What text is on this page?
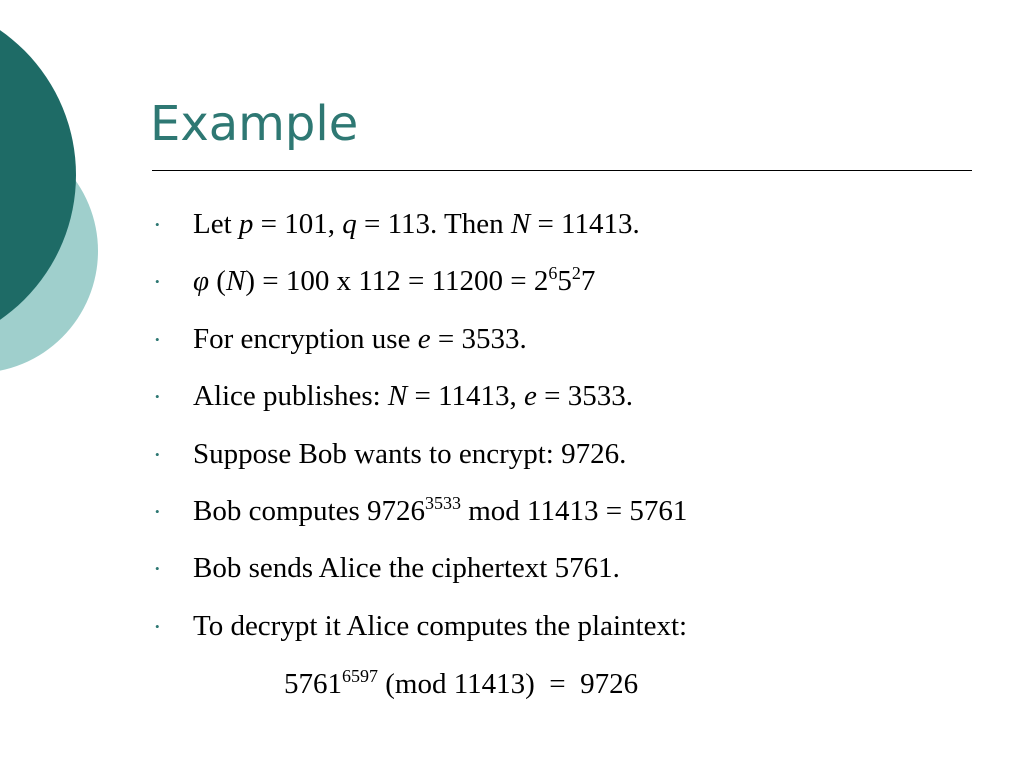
Example
• Let p = 101, q = 113. Then N = 11413.
• φ (N) = 100 x $112 = 11200 = 2^65^27$
• For encryption use e = 3533.
• Alice publishes: N = 11413, e = 3533.
• Suppose Bob wants to encrypt: 9726.
• Bob computes $9726^{3533}$ mod 11413 = 5761
• Bob sends Alice the ciphertext 5761.
• To decrypt it Alice computes the plaintext:
$5761^{6597}$ (mod 11413)  =  9726
